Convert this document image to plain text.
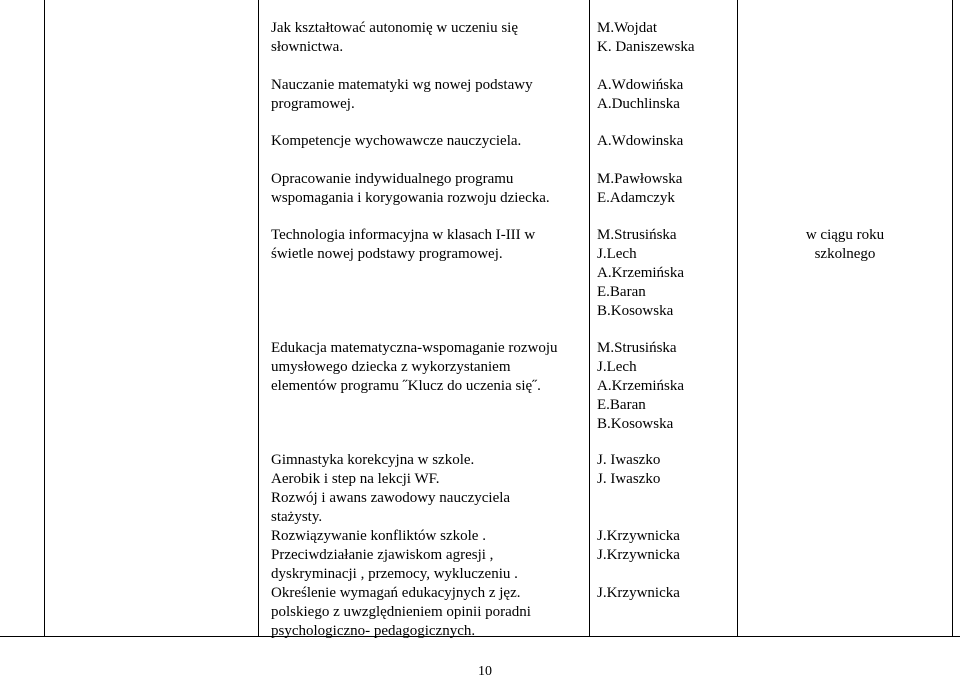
Jak kształtować autonomię w uczeniu się
słownictwa.
Nauczanie matematyki wg nowej podstawy
programowej.
Kompetencje wychowawcze nauczyciela.
Opracowanie indywidualnego programu
wspomagania i korygowania rozwoju dziecka.
Technologia informacyjna w klasach I-III w
świetle nowej podstawy programowej.
Edukacja matematyczna-wspomaganie rozwoju
umysłowego dziecka z wykorzystaniem
elementów programu ˝Klucz do uczenia się˝.
Gimnastyka korekcyjna w szkole.
Aerobik i step na lekcji WF.
Rozwój i awans zawodowy nauczyciela
stażysty.
Rozwiązywanie konfliktów szkole .
Przeciwdziałanie zjawiskom agresji ,
dyskryminacji , przemocy, wykluczeniu .
Określenie wymagań edukacyjnych z jęz.
polskiego z uwzględnieniem opinii poradni
psychologiczno- pedagogicznych.
M.Wojdat
K. Daniszewska
A.Wdowińska
A.Duchlinska
A.Wdowinska
M.Pawłowska
E.Adamczyk
M.Strusińska
J.Lech
A.Krzemińska
E.Baran
B.Kosowska
M.Strusińska
J.Lech
A.Krzemińska
E.Baran
B.Kosowska
J. Iwaszko
J. Iwaszko
J.Krzywnicka
J.Krzywnicka
J.Krzywnicka
w ciągu roku
szkolnego
10
